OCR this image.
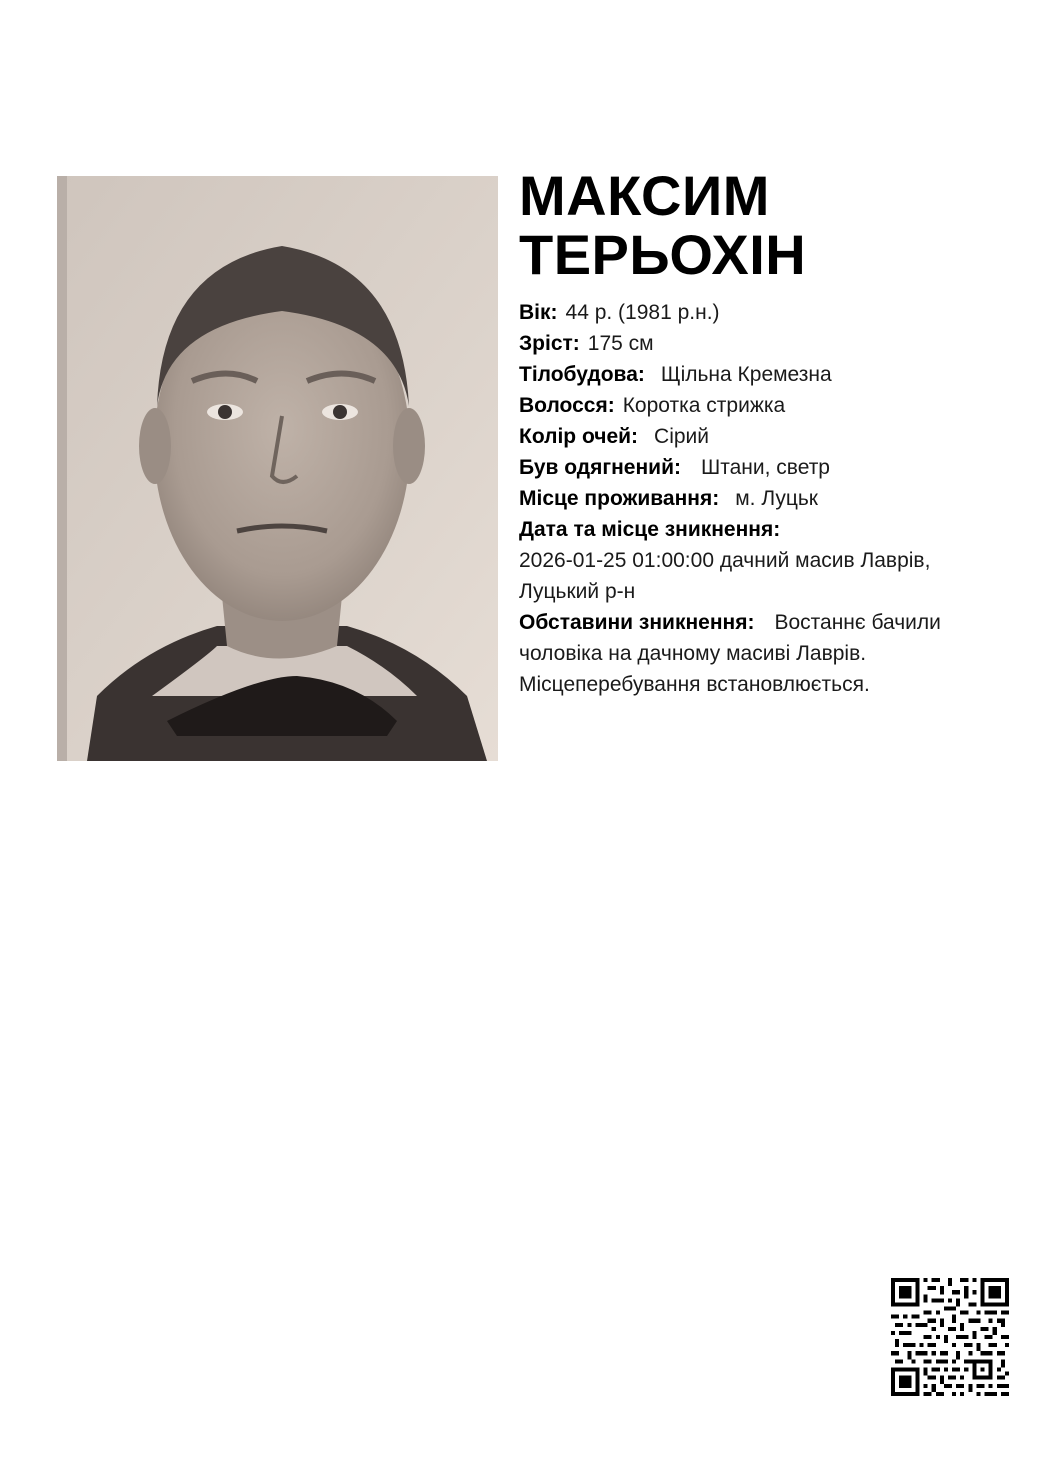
МАКСИМ
ТЕРЬОХІН
Вік: 44 р. (1981 р.н.)
Зріст: 175 см
Тілобудова: Щільна Кремезна
Волосся: Коротка стрижка
Колір очей: Сірий
Був одягнений: Штани, светр
Місце проживання: м. Луцьк
Дата та місце зникнення:
2026-01-25 01:00:00 дачний масив Лаврів, Луцький р-н
Обставини зникнення: Востаннє бачили чоловіка на дачному масиві Лаврів. Місцеперебування встановлюється.
